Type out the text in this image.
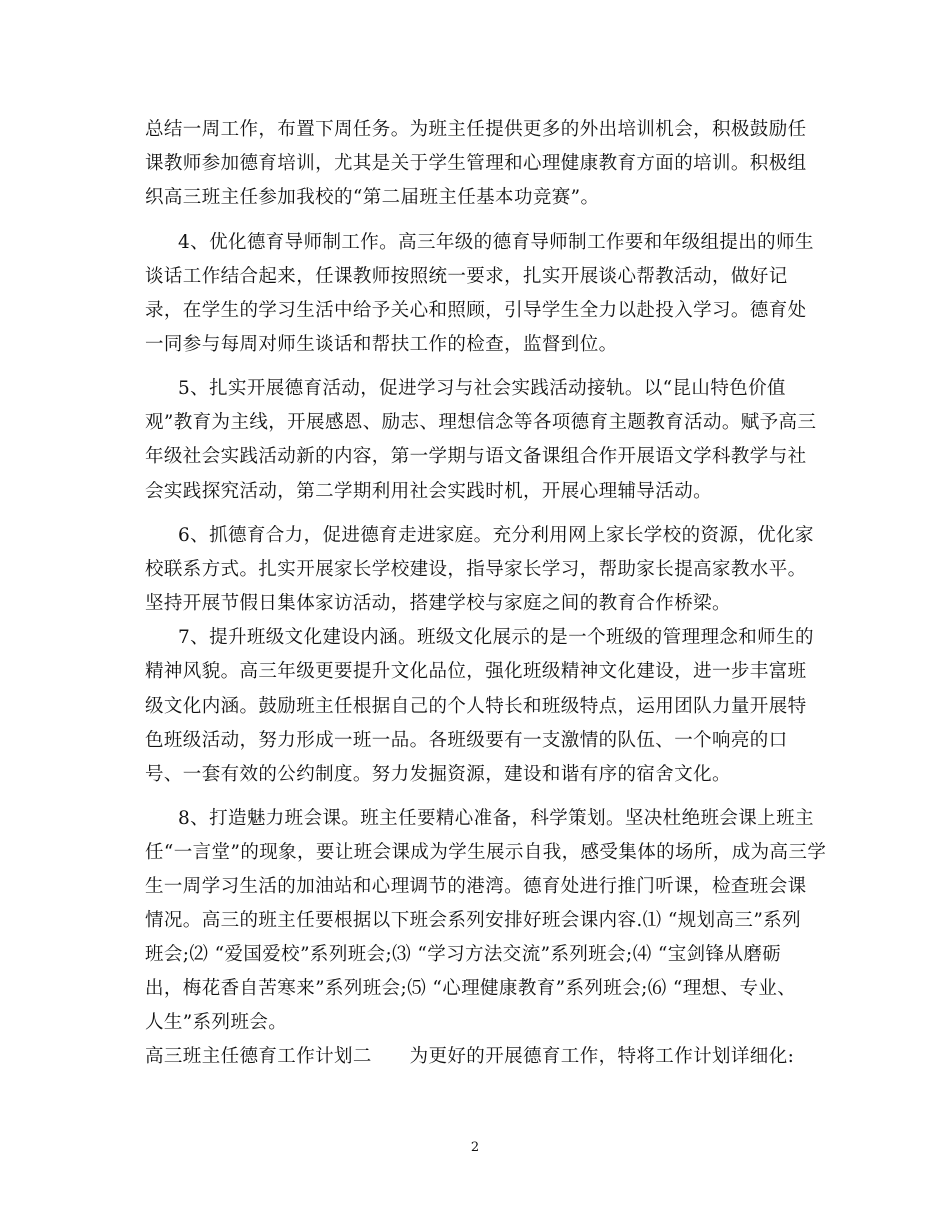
总结一周工作，布置下周任务。为班主任提供更多的外出培训机会，积极鼓励任
课教师参加德育培训，尤其是关于学生管理和心理健康教育方面的培训。积极组
织高三班主任参加我校的“第二届班主任基本功竞赛”。
4、优化德育导师制工作。高三年级的德育导师制工作要和年级组提出的师生
谈话工作结合起来，任课教师按照统一要求，扎实开展谈心帮教活动，做好记
录，在学生的学习生活中给予关心和照顾，引导学生全力以赴投入学习。德育处
一同参与每周对师生谈话和帮扶工作的检查，监督到位。
5、扎实开展德育活动，促进学习与社会实践活动接轨。以“昆山特色价值
观”教育为主线，开展感恩、励志、理想信念等各项德育主题教育活动。赋予高三
年级社会实践活动新的内容，第一学期与语文备课组合作开展语文学科教学与社
会实践探究活动，第二学期利用社会实践时机，开展心理辅导活动。
6、抓德育合力，促进德育走进家庭。充分利用网上家长学校的资源，优化家
校联系方式。扎实开展家长学校建设，指导家长学习，帮助家长提高家教水平。
坚持开展节假日集体家访活动，搭建学校与家庭之间的教育合作桥梁。
7、提升班级文化建设内涵。班级文化展示的是一个班级的管理理念和师生的
精神风貌。高三年级更要提升文化品位，强化班级精神文化建设，进一步丰富班
级文化内涵。鼓励班主任根据自己的个人特长和班级特点，运用团队力量开展特
色班级活动，努力形成一班一品。各班级要有一支激情的队伍、一个响亮的口
号、一套有效的公约制度。努力发掘资源，建设和谐有序的宿舍文化。
8、打造魅力班会课。班主任要精心准备，科学策划。坚决杜绝班会课上班主
任“一言堂”的现象，要让班会课成为学生展示自我，感受集体的场所，成为高三学
生一周学习生活的加油站和心理调节的港湾。德育处进行推门听课，检查班会课
情况。高三的班主任要根据以下班会系列安排好班会课内容.⑴ “规划高三”系列
班会;⑵ “爱国爱校”系列班会;⑶ “学习方法交流”系列班会;⑷ “宝剑锋从磨砺
出，梅花香自苦寒来”系列班会;⑸ “心理健康教育”系列班会;⑹ “理想、专业、
人生”系列班会。
高三班主任德育工作计划二　　为更好的开展德育工作，特将工作计划详细化:
2
